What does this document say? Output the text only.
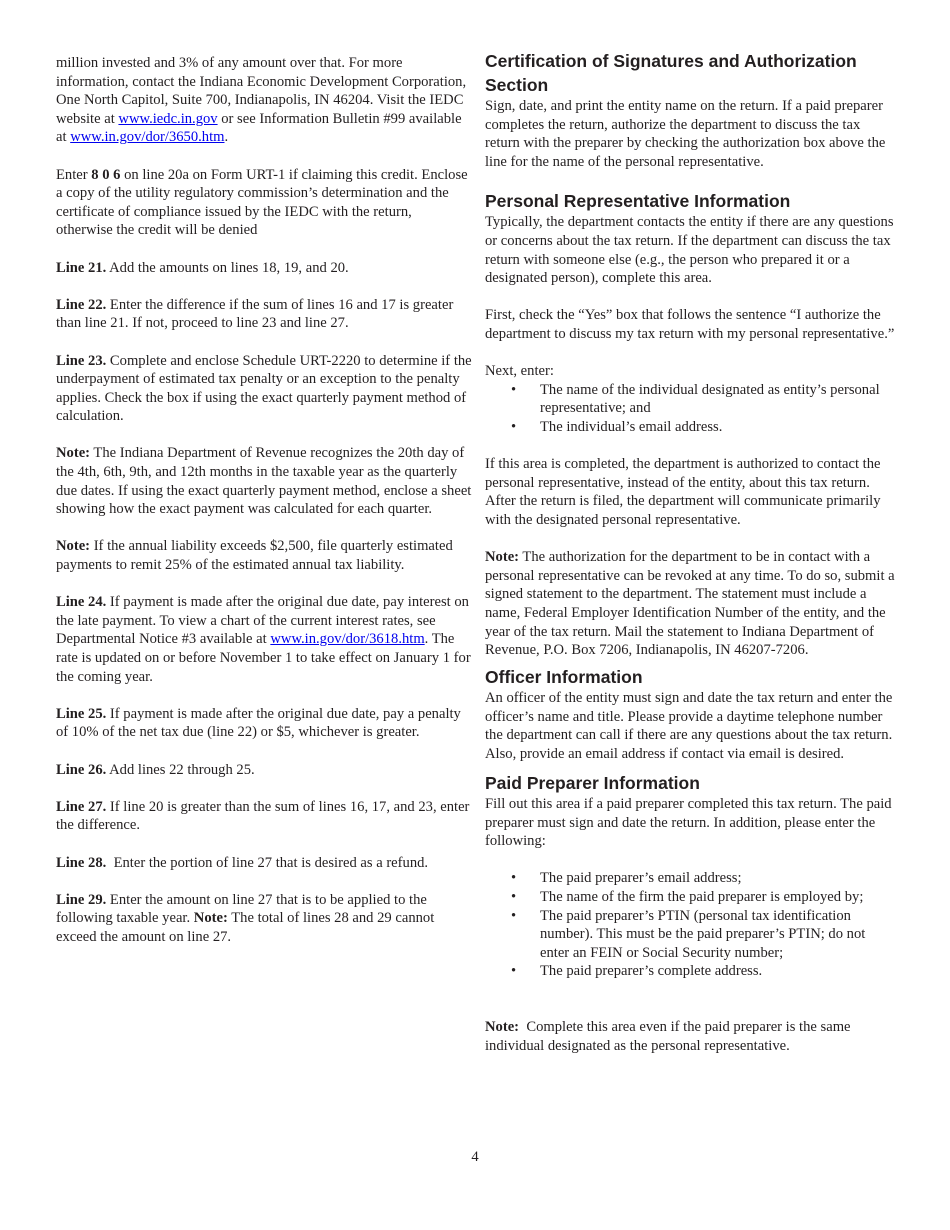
million invested and 3% of any amount over that. For more information, contact the Indiana Economic Development Corporation, One North Capitol, Suite 700, Indianapolis, IN 46204. Visit the IEDC website at www.iedc.in.gov or see Information Bulletin #99 available at www.in.gov/dor/3650.htm.

Enter 8 0 6 on line 20a on Form URT-1 if claiming this credit. Enclose a copy of the utility regulatory commission’s determination and the certificate of compliance issued by the IEDC with the return, otherwise the credit will be denied

Line 21. Add the amounts on lines 18, 19, and 20.

Line 22. Enter the difference if the sum of lines 16 and 17 is greater than line 21. If not, proceed to line 23 and line 27.

Line 23. Complete and enclose Schedule URT-2220 to determine if the underpayment of estimated tax penalty or an exception to the penalty applies. Check the box if using the exact quarterly payment method of calculation.

Note: The Indiana Department of Revenue recognizes the 20th day of the 4th, 6th, 9th, and 12th months in the taxable year as the quarterly due dates. If using the exact quarterly payment method, enclose a sheet showing how the exact payment was calculated for each quarter.

Note: If the annual liability exceeds $2,500, file quarterly estimated payments to remit 25% of the estimated annual tax liability.

Line 24. If payment is made after the original due date, pay interest on the late payment. To view a chart of the current interest rates, see Departmental Notice #3 available at www.in.gov/dor/3618.htm. The rate is updated on or before November 1 to take effect on January 1 for the coming year.

Line 25. If payment is made after the original due date, pay a penalty of 10% of the net tax due (line 22) or $5, whichever is greater.

Line 26. Add lines 22 through 25.

Line 27. If line 20 is greater than the sum of lines 16, 17, and 23, enter the difference.

Line 28.  Enter the portion of line 27 that is desired as a refund.

Line 29. Enter the amount on line 27 that is to be applied to the following taxable year. Note: The total of lines 28 and 29 cannot exceed the amount on line 27.

Certification of Signatures and Authorization Section

Sign, date, and print the entity name on the return. If a paid preparer completes the return, authorize the department to discuss the tax return with the preparer by checking the authorization box above the line for the name of the personal representative.

Personal Representative Information

Typically, the department contacts the entity if there are any questions or concerns about the tax return. If the department can discuss the tax return with someone else (e.g., the person who prepared it or a designated person), complete this area.

First, check the “Yes” box that follows the sentence “I authorize the department to discuss my tax return with my personal representative.”

Next, enter:

• The name of the individual designated as entity’s personal representative; and
• The individual’s email address.

If this area is completed, the department is authorized to contact the personal representative, instead of the entity, about this tax return. After the return is filed, the department will communicate primarily with the designated personal representative.

Note: The authorization for the department to be in contact with a personal representative can be revoked at any time. To do so, submit a signed statement to the department. The statement must include a name, Federal Employer Identification Number of the entity, and the year of the tax return. Mail the statement to Indiana Department of Revenue, P.O. Box 7206, Indianapolis, IN 46207-7206.

Officer Information

An officer of the entity must sign and date the tax return and enter the officer’s name and title. Please provide a daytime telephone number the department can call if there are any questions about the tax return. Also, provide an email address if contact via email is desired.

Paid Preparer Information

Fill out this area if a paid preparer completed this tax return. The paid preparer must sign and date the return. In addition, please enter the following:

• The paid preparer’s email address;
• The name of the firm the paid preparer is employed by;
• The paid preparer’s PTIN (personal tax identification number). This must be the paid preparer’s PTIN; do not enter an FEIN or Social Security number;
• The paid preparer’s complete address.

Note:  Complete this area even if the paid preparer is the same individual designated as the personal representative.

4
